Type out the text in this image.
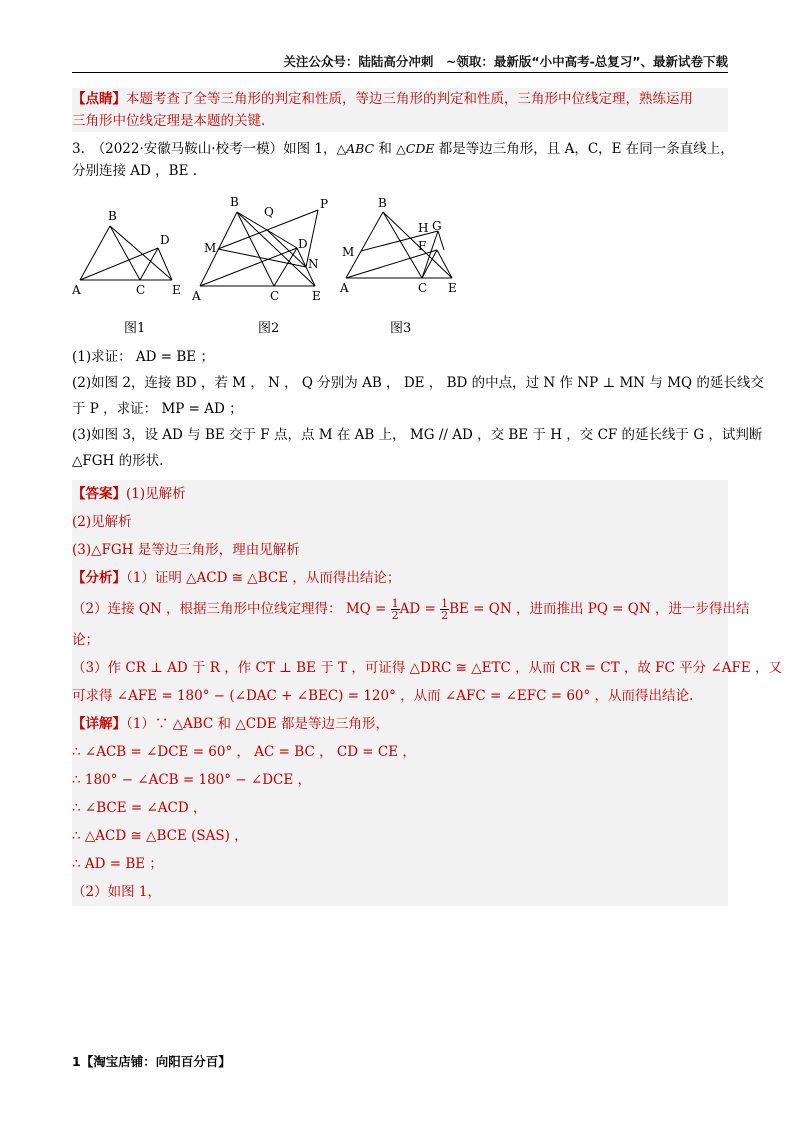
关注公众号：陆陆高分冲刺　~领取：最新版“小中高考-总复习”、最新试卷下载
【点睛】本题考查了全等三角形的判定和性质，等边三角形的判定和性质，三角形中位线定理，熟练运用
三角形中位线定理是本题的关键.
3.　（2022·安徽马鞍山·校考一模）如图 1，△ABC 和 △CDE 都是等边三角形，且 A，C，E 在同一条直线上，
分别连接 AD ，BE .
B
D
A	C E
图1
B
Q
P
M	D
N
A	C	E
图2
B
H G
F
M
A	C E
图3
(1)求证： AD = BE ；
(2)如图 2，连接 BD ，若 M ， N ， Q 分别为 AB ， DE ， BD 的中点，过 N 作 NP ⊥ MN 与 MQ 的延长线交
于 P ，求证： MP = AD ；
(3)如图 3，设 AD 与 BE 交于 F 点，点 M 在 AB 上， MG // AD ，交 BE 于 H ，交 CF 的延长线于 G ，试判断
△FGH 的形状.
【答案】(1)见解析
(2)见解析
(3)△FGH 是等边三角形，理由见解析
【分析】（1）证明 △ACD ≅ △BCE ，从而得出结论；
（2）连接 QN ，根据三角形中位线定理得： MQ = $\frac{1}{2}$ AD = $\frac{1}{2}$ BE = QN ，进而推出 PQ = QN ，进一步得出结
论；
（3）作 CR ⊥ AD 于 R ，作 CT ⊥ BE 于 T ，可证得 △DRC ≅ △ETC ，从而 CR = CT ，故 FC 平分 ∠AFE ，又
可求得 ∠AFE = 180° − (∠DAC + ∠BEC) = 120° ，从而 ∠AFC = ∠EFC = 60° ，从而得出结论.
【详解】（1）∵ △ABC 和 △CDE 都是等边三角形，
∴ ∠ACB = ∠DCE = 60° ， AC = BC ， CD = CE ，
∴ 180° − ∠ACB = 180° − ∠DCE ，
∴ ∠BCE = ∠ACD ，
∴ △ACD ≅ △BCE (SAS) ，
∴ AD = BE ；
（2）如图 1，
1【淘宝店铺：向阳百分百】
